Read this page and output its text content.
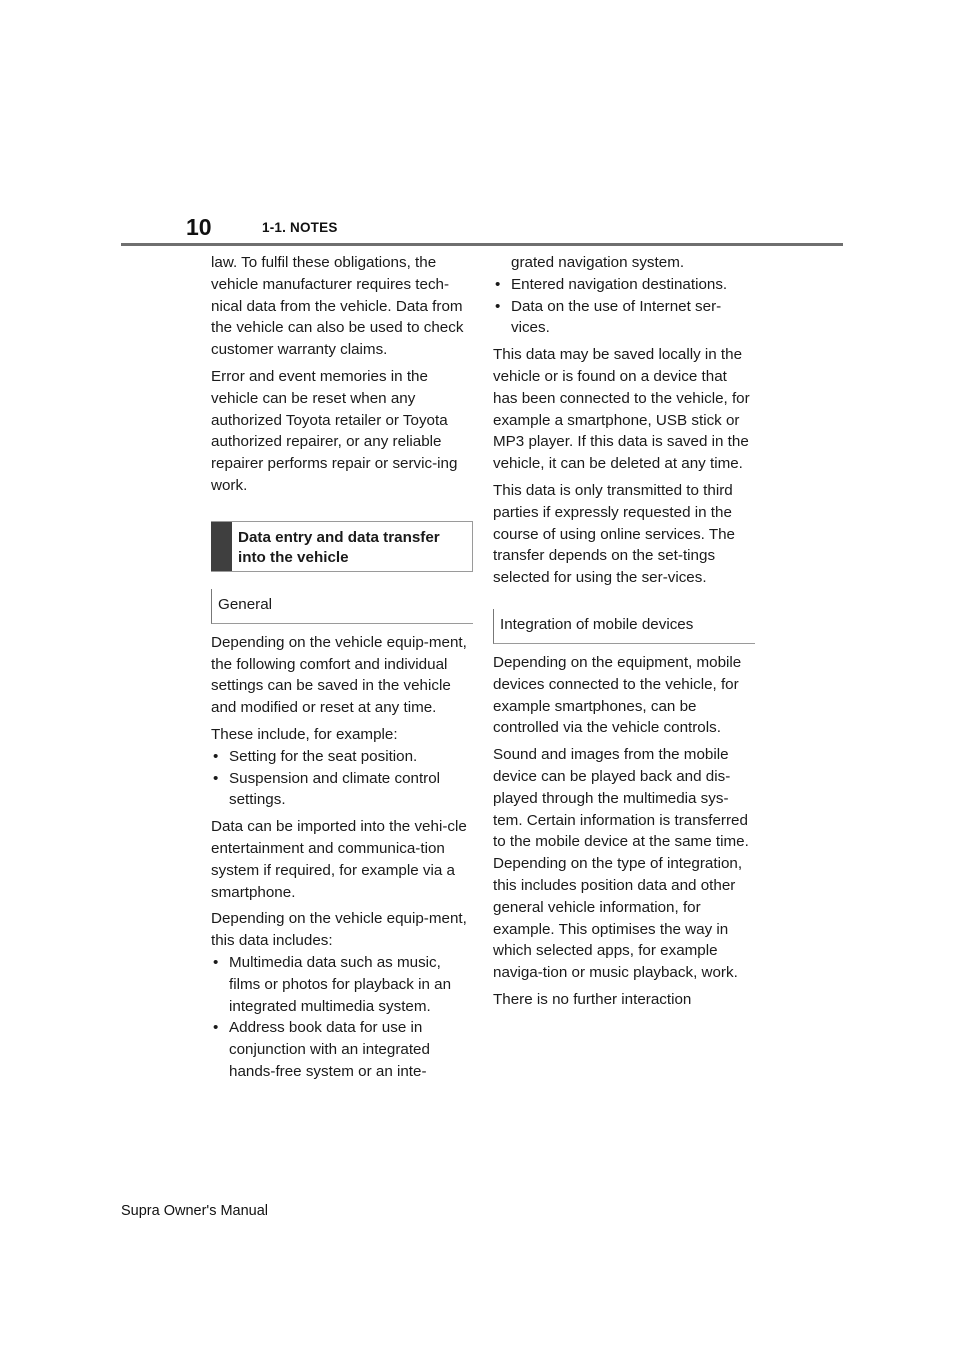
10	1-1. NOTES

law. To fulfil these obligations, the vehicle manufacturer requires tech-nical data from the vehicle. Data from the vehicle can also be used to check customer warranty claims.

Error and event memories in the vehicle can be reset when any authorized Toyota retailer or Toyota authorized repairer, or any reliable repairer performs repair or servic-ing work.

Data entry and data transfer into the vehicle
General

Depending on the vehicle equip-ment, the following comfort and individual settings can be saved in the vehicle and modified or reset at any time.

These include, for example:

• Setting for the seat position.
• Suspension and climate control settings.

Data can be imported into the vehi-cle entertainment and communica-tion system if required, for example via a smartphone.

Depending on the vehicle equip-ment, this data includes:

• Multimedia data such as music, films or photos for playback in an integrated multimedia system.
• Address book data for use in conjunction with an integrated hands-free system or an inte-

grated navigation system.

• Entered navigation destinations.
• Data on the use of Internet ser-vices.

This data may be saved locally in the vehicle or is found on a device that has been connected to the vehicle, for example a smartphone, USB stick or MP3 player. If this data is saved in the vehicle, it can be deleted at any time.

This data is only transmitted to third parties if expressly requested in the course of using online services. The transfer depends on the set-tings selected for using the ser-vices.

Integration of mobile devices

Depending on the equipment, mobile devices connected to the vehicle, for example smartphones, can be controlled via the vehicle controls.

Sound and images from the mobile device can be played back and dis-played through the multimedia sys-tem. Certain information is transferred to the mobile device at the same time. Depending on the type of integration, this includes position data and other general vehicle information, for example. This optimises the way in which selected apps, for example naviga-tion or music playback, work.

There is no further interaction

Supra Owner's Manual
